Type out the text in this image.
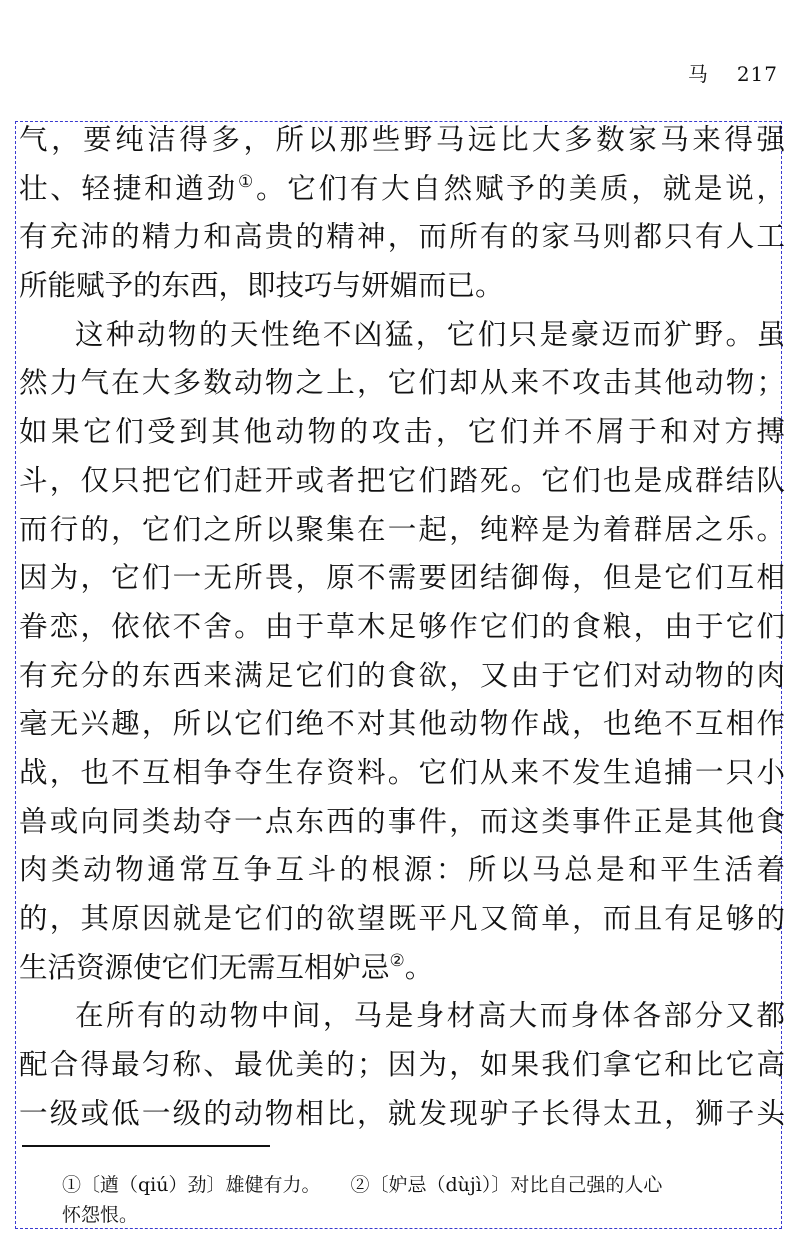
马 217
气，要纯洁得多，所以那些野马远比大多数家马来得强
壮、轻捷和遒劲①。它们有大自然赋予的美质，就是说，
有充沛的精力和高贵的精神，而所有的家马则都只有人工
所能赋予的东西，即技巧与妍媚而已。
这种动物的天性绝不凶猛，它们只是豪迈而犷野。虽
然力气在大多数动物之上，它们却从来不攻击其他动物；
如果它们受到其他动物的攻击，它们并不屑于和对方搏
斗，仅只把它们赶开或者把它们踏死。它们也是成群结队
而行的，它们之所以聚集在一起，纯粹是为着群居之乐。
因为，它们一无所畏，原不需要团结御侮，但是它们互相
眷恋，依依不舍。由于草木足够作它们的食粮，由于它们
有充分的东西来满足它们的食欲，又由于它们对动物的肉
毫无兴趣，所以它们绝不对其他动物作战，也绝不互相作
战，也不互相争夺生存资料。它们从来不发生追捕一只小
兽或向同类劫夺一点东西的事件，而这类事件正是其他食
肉类动物通常互争互斗的根源：所以马总是和平生活着
的，其原因就是它们的欲望既平凡又简单，而且有足够的
生活资源使它们无需互相妒忌②。
在所有的动物中间，马是身材高大而身体各部分又都
配合得最匀称、最优美的；因为，如果我们拿它和比它高
一级或低一级的动物相比，就发现驴子长得太丑，狮子头
①〔遒（qiú）劲〕雄健有力。 ②〔妒忌（dùjì）〕对比自己强的人心
怀怨恨。
